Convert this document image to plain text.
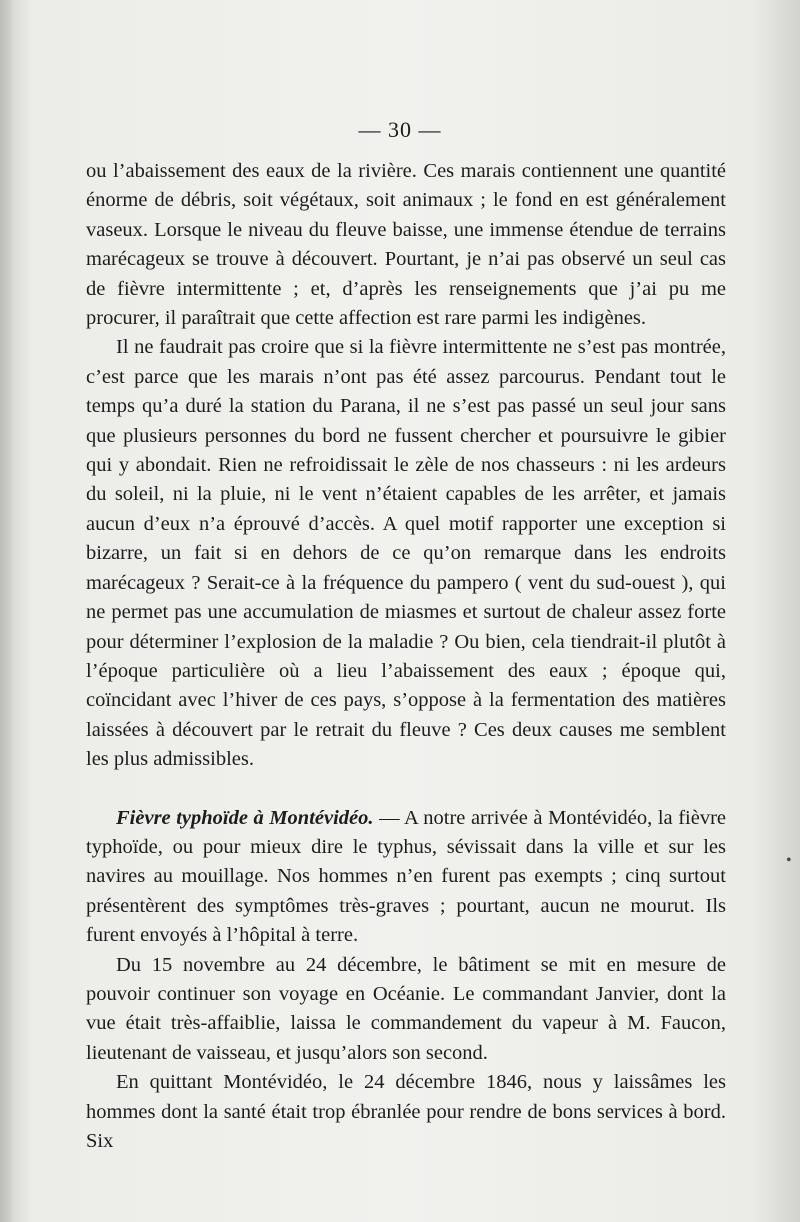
— 30 —

ou l’abaissement des eaux de la rivière. Ces marais contiennent une quantité énorme de débris, soit végétaux, soit animaux ; le fond en est généralement vaseux. Lorsque le niveau du fleuve baisse, une immense étendue de terrains marécageux se trouve à découvert. Pourtant, je n’ai pas observé un seul cas de fièvre intermittente ; et, d’après les renseignements que j’ai pu me procurer, il paraîtrait que cette affection est rare parmi les indigènes.

Il ne faudrait pas croire que si la fièvre intermittente ne s’est pas montrée, c’est parce que les marais n’ont pas été assez parcourus. Pendant tout le temps qu’a duré la station du Parana, il ne s’est pas passé un seul jour sans que plusieurs personnes du bord ne fussent chercher et poursuivre le gibier qui y abondait. Rien ne refroidissait le zèle de nos chasseurs : ni les ardeurs du soleil, ni la pluie, ni le vent n’étaient capables de les arrêter, et jamais aucun d’eux n’a éprouvé d’accès. A quel motif rapporter une exception si bizarre, un fait si en dehors de ce qu’on remarque dans les endroits marécageux ? Serait-ce à la fréquence du pampero ( vent du sud-ouest ), qui ne permet pas une accumulation de miasmes et surtout de chaleur assez forte pour déterminer l’explosion de la maladie ? Ou bien, cela tiendrait-il plutôt à l’époque particulière où a lieu l’abaissement des eaux ; époque qui, coïncidant avec l’hiver de ces pays, s’oppose à la fermentation des matières laissées à découvert par le retrait du fleuve ? Ces deux causes me semblent les plus admissibles.

Fièvre typhoïde à Montévidéo. — A notre arrivée à Montévidéo, la fièvre typhoïde, ou pour mieux dire le typhus, sévissait dans la ville et sur les navires au mouillage. Nos hommes n’en furent pas exempts ; cinq surtout présentèrent des symptômes très-graves ; pourtant, aucun ne mourut. Ils furent envoyés à l’hôpital à terre.

Du 15 novembre au 24 décembre, le bâtiment se mit en mesure de pouvoir continuer son voyage en Océanie. Le commandant Janvier, dont la vue était très-affaiblie, laissa le commandement du vapeur à M. Faucon, lieutenant de vaisseau, et jusqu’alors son second.

En quittant Montévidéo, le 24 décembre 1846, nous y laissâmes les hommes dont la santé était trop ébranlée pour rendre de bons services à bord. Six

•
